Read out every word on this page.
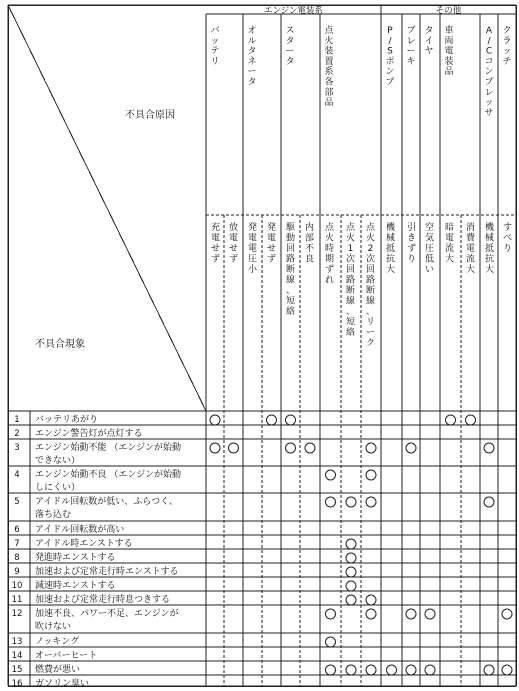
不具合原因
不具合現象
エンジン電装系	その他
バ
ッ
テ
リ
オ
ル
タ
ネ
ー
タ
ス
タ
ー
タ
点
火
装
置
系
各
部
品
P
/
S
ポ
ン
プ
ブ
レ
ー
キ
タ
イ
ヤ
車
両
電
装
品
A
/
C
コ
ン
プ
レ
ッ
サ
ク
ラ
ッ
チ
充
電
せ
ず
放
電
せ
ず
発
電
電
圧
小
発
電
せ
ず
駆
動
回
路
断
線
、
短
絡
内
部
不
良
点
火
時
期
ず
れ
点
火
1
次
回
路
断
線
、
短
絡
点
火
2
次
回
路
断
線
、
リ
ー
ク
機
械
抵
抗
大
引
き
ず
り
空
気
圧
低
い
暗
電
流
大
消
費
電
流
大
機
械
抵
抗
大
す
べ
り
1 バッテリあがり
2 エンジン警告灯が点灯する
3 エンジン始動不能 （エンジンが始動
できない）
4 エンジン始動不良 （エンジンが始動
しにくい）
5 アイドル回転数が低い、ふらつく、
落ち込む
6 アイドル回転数が高い
7 アイドル時エンストする
8 発進時エンストする
9 加速および定常走行時エンストする
10 減速時エンストする
11 加速および定常走行時息つきする
12 加速不良、パワー不足、エンジンが
吹けない
13 ノッキング
14 オーバーヒート
15 燃費が悪い
16 ガソリン臭い
